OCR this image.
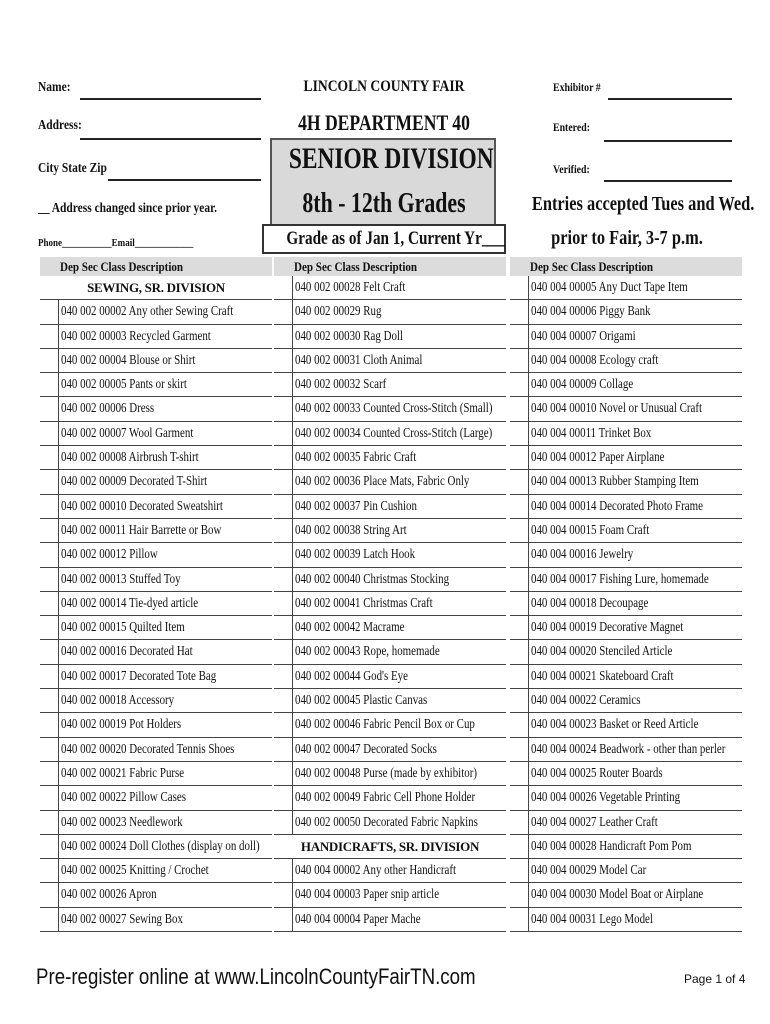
Name:
Address:
City State Zip
__ Address changed since prior year.
Phone___________Email_____________
LINCOLN COUNTY FAIR
4H DEPARTMENT 40
SENIOR DIVISION
8th - 12th Grades
Grade as of Jan 1, Current Yr___
Exhibitor #
Entered:
Verified:
Entries accepted Tues and Wed.
prior to Fair, 3-7 p.m.
Dep Sec Class Description
SEWING, SR. DIVISION
040 002 00002 Any other Sewing Craft
040 002 00003 Recycled Garment
040 002 00004 Blouse or Shirt
040 002 00005 Pants or skirt
040 002 00006 Dress
040 002 00007 Wool Garment
040 002 00008 Airbrush T-shirt
040 002 00009 Decorated T-Shirt
040 002 00010 Decorated Sweatshirt
040 002 00011 Hair Barrette or Bow
040 002 00012 Pillow
040 002 00013 Stuffed Toy
040 002 00014 Tie-dyed article
040 002 00015 Quilted Item
040 002 00016 Decorated Hat
040 002 00017 Decorated Tote Bag
040 002 00018 Accessory
040 002 00019 Pot Holders
040 002 00020 Decorated Tennis Shoes
040 002 00021 Fabric Purse
040 002 00022 Pillow Cases
040 002 00023 Needlework
040 002 00024 Doll Clothes (display on doll)
040 002 00025 Knitting / Crochet
040 002 00026 Apron
040 002 00027 Sewing Box
Dep Sec Class Description
040 002 00028 Felt Craft
040 002 00029 Rug
040 002 00030 Rag Doll
040 002 00031 Cloth Animal
040 002 00032 Scarf
040 002 00033 Counted Cross-Stitch (Small)
040 002 00034 Counted Cross-Stitch (Large)
040 002 00035 Fabric Craft
040 002 00036 Place Mats, Fabric Only
040 002 00037 Pin Cushion
040 002 00038 String Art
040 002 00039 Latch Hook
040 002 00040 Christmas Stocking
040 002 00041 Christmas Craft
040 002 00042 Macrame
040 002 00043 Rope, homemade
040 002 00044 God's Eye
040 002 00045 Plastic Canvas
040 002 00046 Fabric Pencil Box or Cup
040 002 00047 Decorated Socks
040 002 00048 Purse (made by exhibitor)
040 002 00049 Fabric Cell Phone Holder
040 002 00050 Decorated Fabric Napkins
HANDICRAFTS, SR. DIVISION
040 004 00002 Any other Handicraft
040 004 00003 Paper snip article
040 004 00004 Paper Mache
Dep Sec Class Description
040 004 00005 Any Duct Tape Item
040 004 00006 Piggy Bank
040 004 00007 Origami
040 004 00008 Ecology craft
040 004 00009 Collage
040 004 00010 Novel or Unusual Craft
040 004 00011 Trinket Box
040 004 00012 Paper Airplane
040 004 00013 Rubber Stamping Item
040 004 00014 Decorated Photo Frame
040 004 00015 Foam Craft
040 004 00016 Jewelry
040 004 00017 Fishing Lure, homemade
040 004 00018 Decoupage
040 004 00019 Decorative Magnet
040 004 00020 Stenciled Article
040 004 00021 Skateboard Craft
040 004 00022 Ceramics
040 004 00023 Basket or Reed Article
040 004 00024 Beadwork - other than perler
040 004 00025 Router Boards
040 004 00026 Vegetable Printing
040 004 00027 Leather Craft
040 004 00028 Handicraft Pom Pom
040 004 00029 Model Car
040 004 00030 Model Boat or Airplane
040 004 00031 Lego Model
Pre-register online at www.LincolnCountyFairTN.com	Page 1 of 4
